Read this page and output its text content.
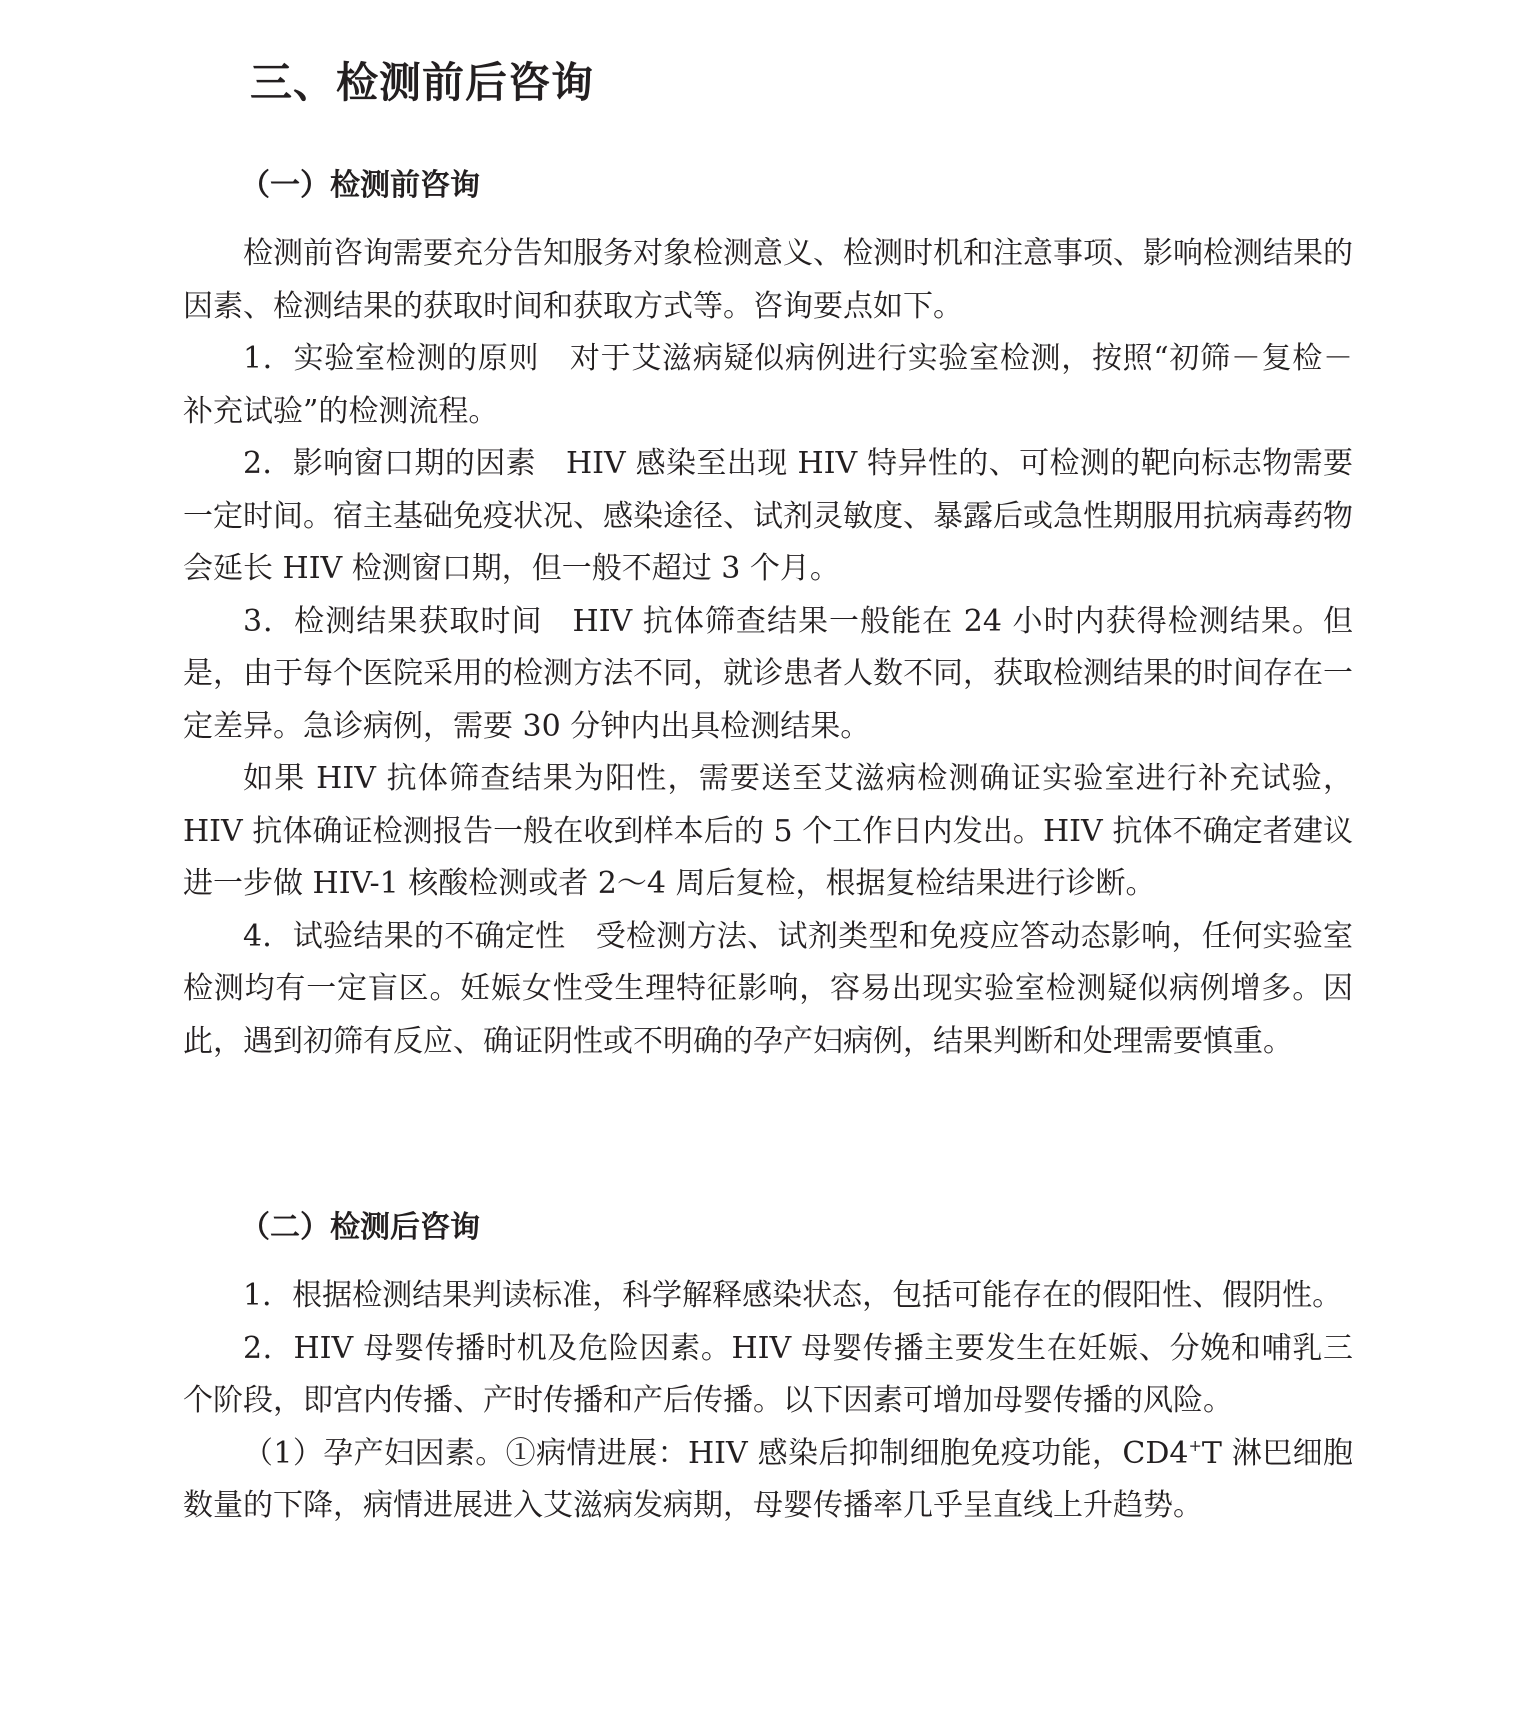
三、检测前后咨询
（一）检测前咨询

检测前咨询需要充分告知服务对象检测意义、检测时机和注意事项、影响检测结果的因素、检测结果的获取时间和获取方式等。咨询要点如下。

1．实验室检测的原则 对于艾滋病疑似病例进行实验室检测，按照“初筛－复检－补充试验”的检测流程。

2．影响窗口期的因素 HIV 感染至出现 HIV 特异性的、可检测的靶向标志物需要一定时间。宿主基础免疫状况、感染途径、试剂灵敏度、暴露后或急性期服用抗病毒药物会延长 HIV 检测窗口期，但一般不超过 3 个月。

3．检测结果获取时间 HIV 抗体筛查结果一般能在 24 小时内获得检测结果。但是，由于每个医院采用的检测方法不同，就诊患者人数不同，获取检测结果的时间存在一定差异。急诊病例，需要 30 分钟内出具检测结果。

如果 HIV 抗体筛查结果为阳性，需要送至艾滋病检测确证实验室进行补充试验，HIV 抗体确证检测报告一般在收到样本后的 5 个工作日内发出。HIV 抗体不确定者建议进一步做 HIV-1 核酸检测或者 2～4 周后复检，根据复检结果进行诊断。

4．试验结果的不确定性 受检测方法、试剂类型和免疫应答动态影响，任何实验室检测均有一定盲区。妊娠女性受生理特征影响，容易出现实验室检测疑似病例增多。因此，遇到初筛有反应、确证阴性或不明确的孕产妇病例，结果判断和处理需要慎重。

（二）检测后咨询

1．根据检测结果判读标准，科学解释感染状态，包括可能存在的假阳性、假阴性。

2．HIV 母婴传播时机及危险因素。HIV 母婴传播主要发生在妊娠、分娩和哺乳三个阶段，即宫内传播、产时传播和产后传播。以下因素可增加母婴传播的风险。

（1）孕产妇因素。①病情进展：HIV 感染后抑制细胞免疫功能，CD4+T 淋巴细胞数量的下降，病情进展进入艾滋病发病期，母婴传播率几乎呈直线上升趋势。
